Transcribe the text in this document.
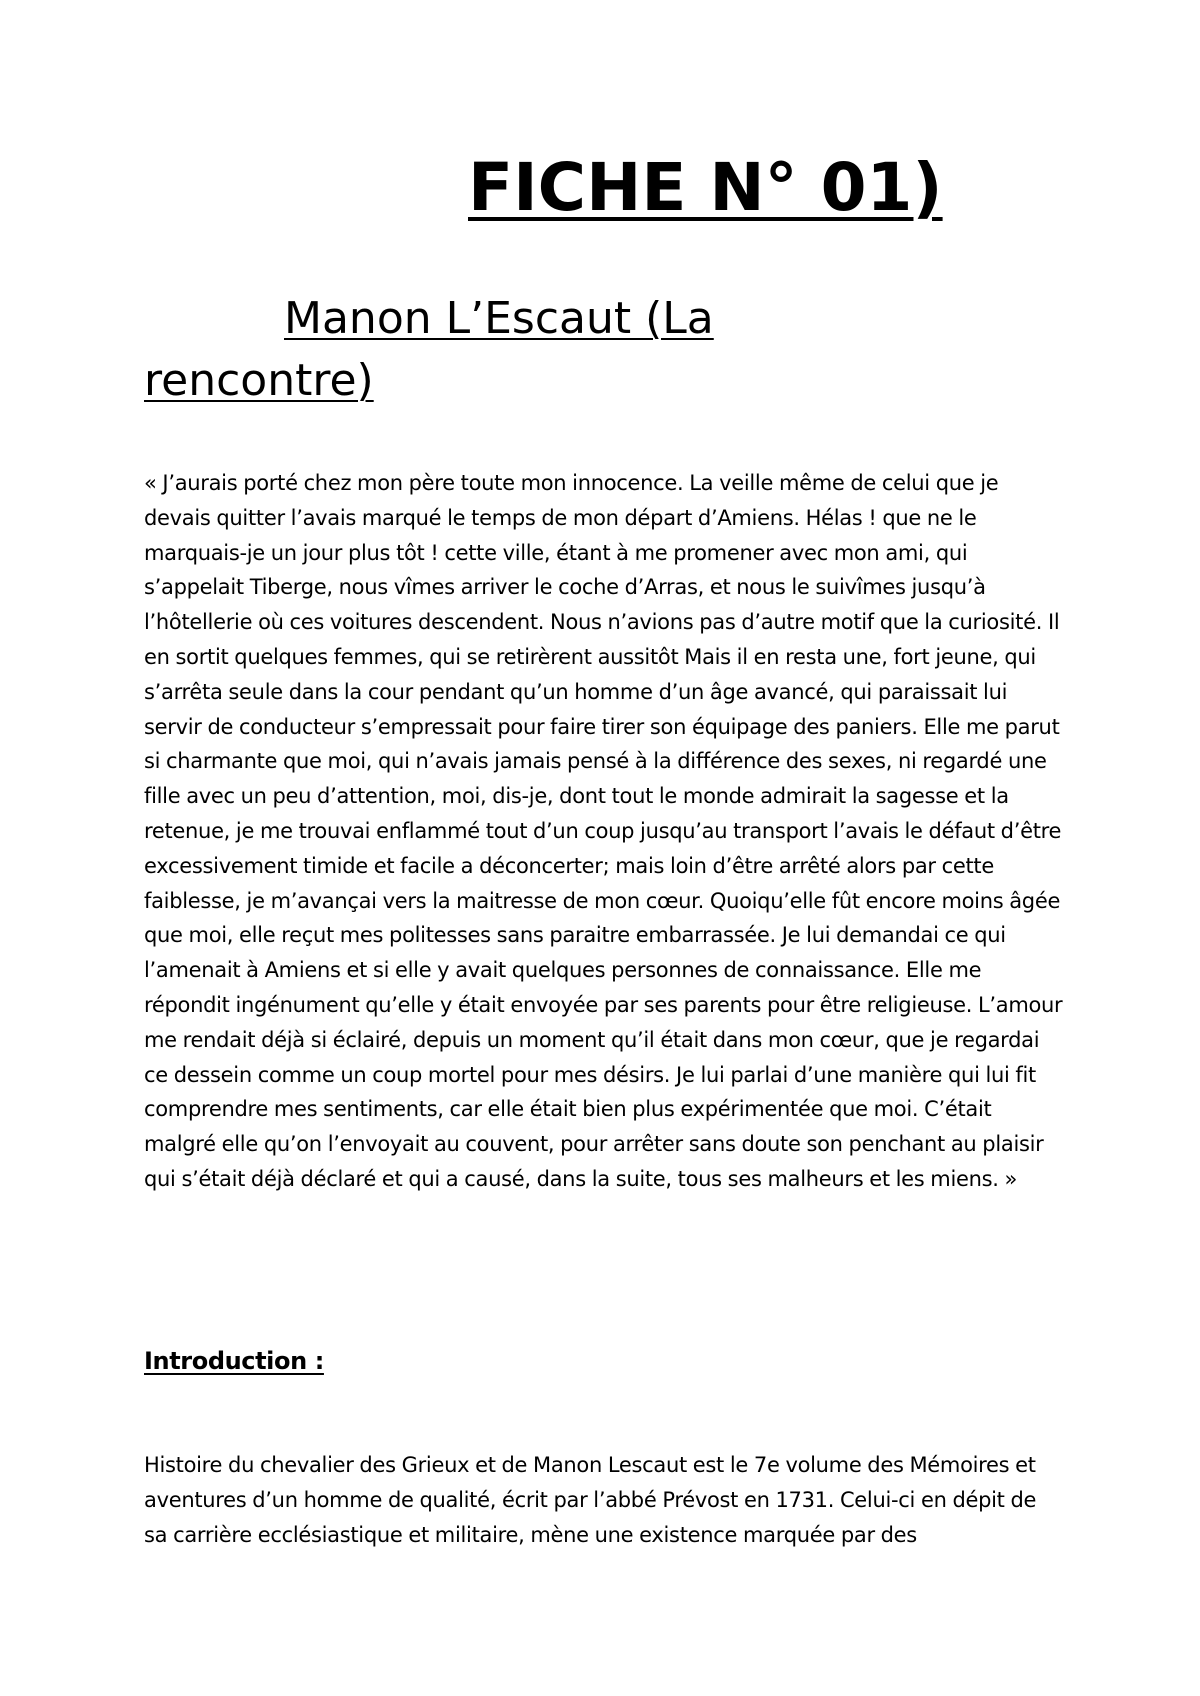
FICHE N° 01)
Manon L’Escaut (La rencontre)

« J’aurais porté chez mon père toute mon innocence. La veille même de celui que je devais quitter l’avais marqué le temps de mon départ d’Amiens. Hélas ! que ne le marquais-je un jour plus tôt ! cette ville, étant à me promener avec mon ami, qui s’appelait Tiberge, nous vîmes arriver le coche d’Arras, et nous le suivîmes jusqu’à l’hôtellerie où ces voitures descendent. Nous n’avions pas d’autre motif que la curiosité. Il en sortit quelques femmes, qui se retirèrent aussitôt Mais il en resta une, fort jeune, qui s’arrêta seule dans la cour pendant qu’un homme d’un âge avancé, qui paraissait lui servir de conducteur s’empressait pour faire tirer son équipage des paniers. Elle me parut si charmante que moi, qui n’avais jamais pensé à la différence des sexes, ni regardé une fille avec un peu d’attention, moi, dis-je, dont tout le monde admirait la sagesse et la retenue, je me trouvai enflammé tout d’un coup jusqu’au transport l’avais le défaut d’être excessivement timide et facile a déconcerter; mais loin d’être arrêté alors par cette faiblesse, je m’avançai vers la maitresse de mon cœur. Quoiqu’elle fût encore moins âgée que moi, elle reçut mes politesses sans paraitre embarrassée. Je lui demandai ce qui l’amenait à Amiens et si elle y avait quelques personnes de connaissance. Elle me répondit ingénument qu’elle y était envoyée par ses parents pour être religieuse. L’amour me rendait déjà si éclairé, depuis un moment qu’il était dans mon cœur, que je regardai ce dessein comme un coup mortel pour mes désirs. Je lui parlai d’une manière qui lui fit comprendre mes sentiments, car elle était bien plus expérimentée que moi. C’était malgré elle qu’on l’envoyait au couvent, pour arrêter sans doute son penchant au plaisir qui s’était déjà déclaré et qui a causé, dans la suite, tous ses malheurs et les miens. »

Introduction :

Histoire du chevalier des Grieux et de Manon Lescaut est le 7e volume des Mémoires et aventures d’un homme de qualité, écrit par l’abbé Prévost en 1731. Celui-ci en dépit de sa carrière ecclésiastique et militaire, mène une existence marquée par des
